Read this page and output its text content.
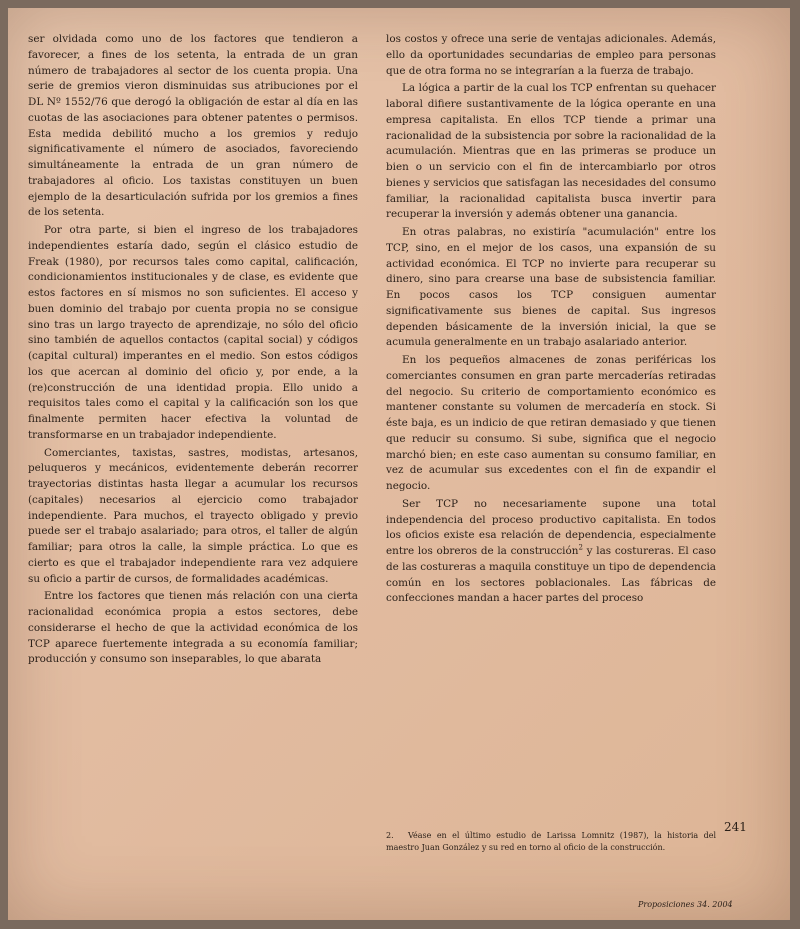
ser olvidada como uno de los factores que tendieron a favorecer, a fines de los setenta, la entrada de un gran número de trabajadores al sector de los cuenta propia. Una serie de gremios vieron disminuidas sus atribuciones por el DL Nº 1552/76 que derogó la obligación de estar al día en las cuotas de las asociaciones para obtener patentes o permisos. Esta medida debilitó mucho a los gremios y redujo significativamente el número de asociados, favoreciendo simultáneamente la entrada de un gran número de trabajadores al oficio. Los taxistas constituyen un buen ejemplo de la desarticulación sufrida por los gremios a fines de los setenta.

Por otra parte, si bien el ingreso de los trabajadores independientes estaría dado, según el clásico estudio de Freak (1980), por recursos tales como capital, calificación, condicionamientos institucionales y de clase, es evidente que estos factores en sí mismos no son suficientes. El acceso y buen dominio del trabajo por cuenta propia no se consigue sino tras un largo trayecto de aprendizaje, no sólo del oficio sino también de aquellos contactos (capital social) y códigos (capital cultural) imperantes en el medio. Son estos códigos los que acercan al dominio del oficio y, por ende, a la (re)construcción de una identidad propia. Ello unido a requisitos tales como el capital y la calificación son los que finalmente permiten hacer efectiva la voluntad de transformarse en un trabajador independiente.

Comerciantes, taxistas, sastres, modistas, artesanos, peluqueros y mecánicos, evidentemente deberán recorrer trayectorias distintas hasta llegar a acumular los recursos (capitales) necesarios al ejercicio como trabajador independiente. Para muchos, el trayecto obligado y previo puede ser el trabajo asalariado; para otros, el taller de algún familiar; para otros la calle, la simple práctica. Lo que es cierto es que el trabajador independiente rara vez adquiere su oficio a partir de cursos, de formalidades académicas.

Entre los factores que tienen más relación con una cierta racionalidad económica propia a estos sectores, debe considerarse el hecho de que la actividad económica de los TCP aparece fuertemente integrada a su economía familiar; producción y consumo son inseparables, lo que abarata

los costos y ofrece una serie de ventajas adicionales. Además, ello da oportunidades secundarias de empleo para personas que de otra forma no se integrarían a la fuerza de trabajo.

La lógica a partir de la cual los TCP enfrentan su quehacer laboral difiere sustantivamente de la lógica operante en una empresa capitalista. En ellos TCP tiende a primar una racionalidad de la subsistencia por sobre la racionalidad de la acumulación. Mientras que en las primeras se produce un bien o un servicio con el fin de intercambiarlo por otros bienes y servicios que satisfagan las necesidades del consumo familiar, la racionalidad capitalista busca invertir para recuperar la inversión y además obtener una ganancia.

En otras palabras, no existiría "acumulación" entre los TCP, sino, en el mejor de los casos, una expansión de su actividad económica. El TCP no invierte para recuperar su dinero, sino para crearse una base de subsistencia familiar. En pocos casos los TCP consiguen aumentar significativamente sus bienes de capital. Sus ingresos dependen básicamente de la inversión inicial, la que se acumula generalmente en un trabajo asalariado anterior.

En los pequeños almacenes de zonas periféricas los comerciantes consumen en gran parte mercaderías retiradas del negocio. Su criterio de comportamiento económico es mantener constante su volumen de mercadería en stock. Si éste baja, es un indicio de que retiran demasiado y que tienen que reducir su consumo. Si sube, significa que el negocio marchó bien; en este caso aumentan su consumo familiar, en vez de acumular sus excedentes con el fin de expandir el negocio.

Ser TCP no necesariamente supone una total independencia del proceso productivo capitalista. En todos los oficios existe esa relación de dependencia, especialmente entre los obreros de la construcción$^2$ y las costureras. El caso de las costureras a maquila constituye un tipo de dependencia común en los sectores poblacionales. Las fábricas de confecciones mandan a hacer partes del proceso

241
2. Véase en el último estudio de Larissa Lomnitz (1987), la historia del maestro Juan González y su red en torno al oficio de la construcción.
Proposiciones 34. 2004
